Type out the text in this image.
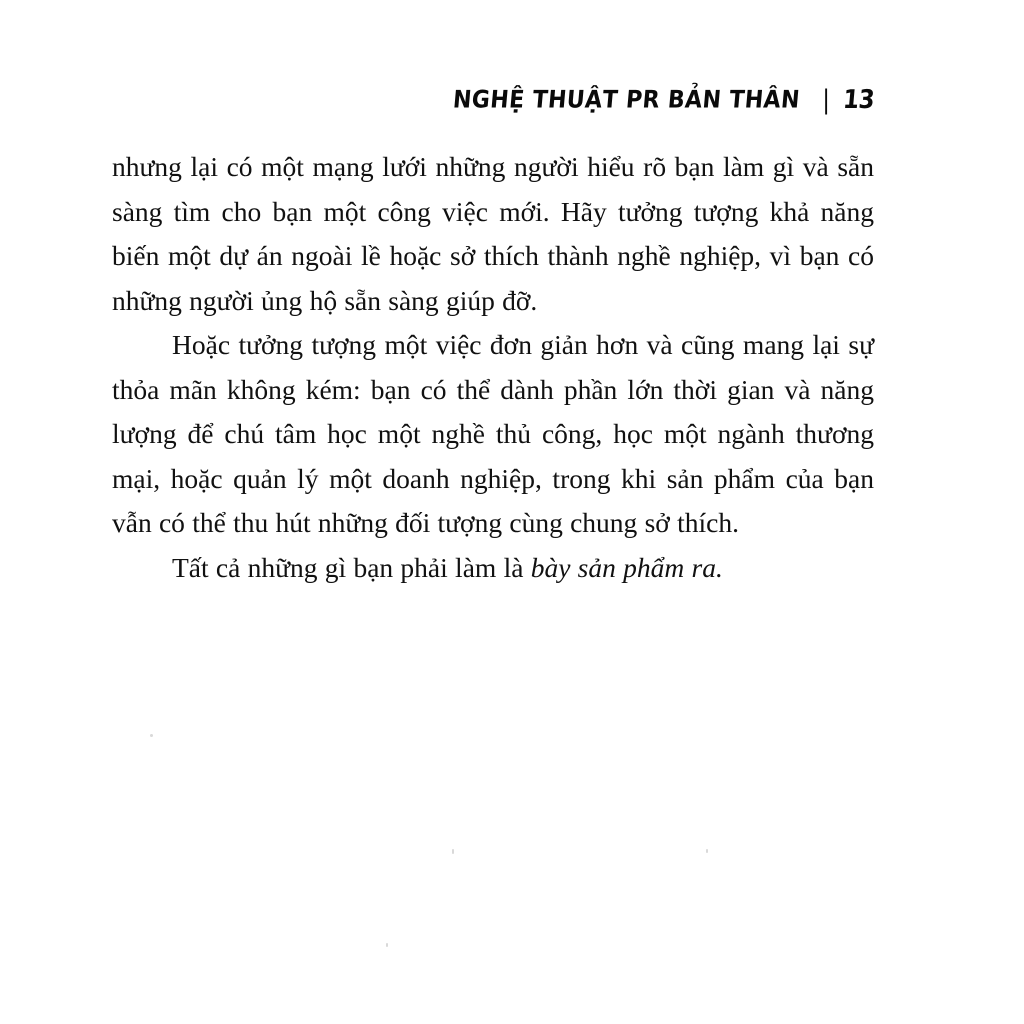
NGHỆ THUẬT PR BẢN THÂN | 13

nhưng lại có một mạng lưới những người hiểu rõ bạn làm gì và sẵn sàng tìm cho bạn một công việc mới. Hãy tưởng tượng khả năng biến một dự án ngoài lề hoặc sở thích thành nghề nghiệp, vì bạn có những người ủng hộ sẵn sàng giúp đỡ.

Hoặc tưởng tượng một việc đơn giản hơn và cũng mang lại sự thỏa mãn không kém: bạn có thể dành phần lớn thời gian và năng lượng để chú tâm học một nghề thủ công, học một ngành thương mại, hoặc quản lý một doanh nghiệp, trong khi sản phẩm của bạn vẫn có thể thu hút những đối tượng cùng chung sở thích.

Tất cả những gì bạn phải làm là bày sản phẩm ra.
